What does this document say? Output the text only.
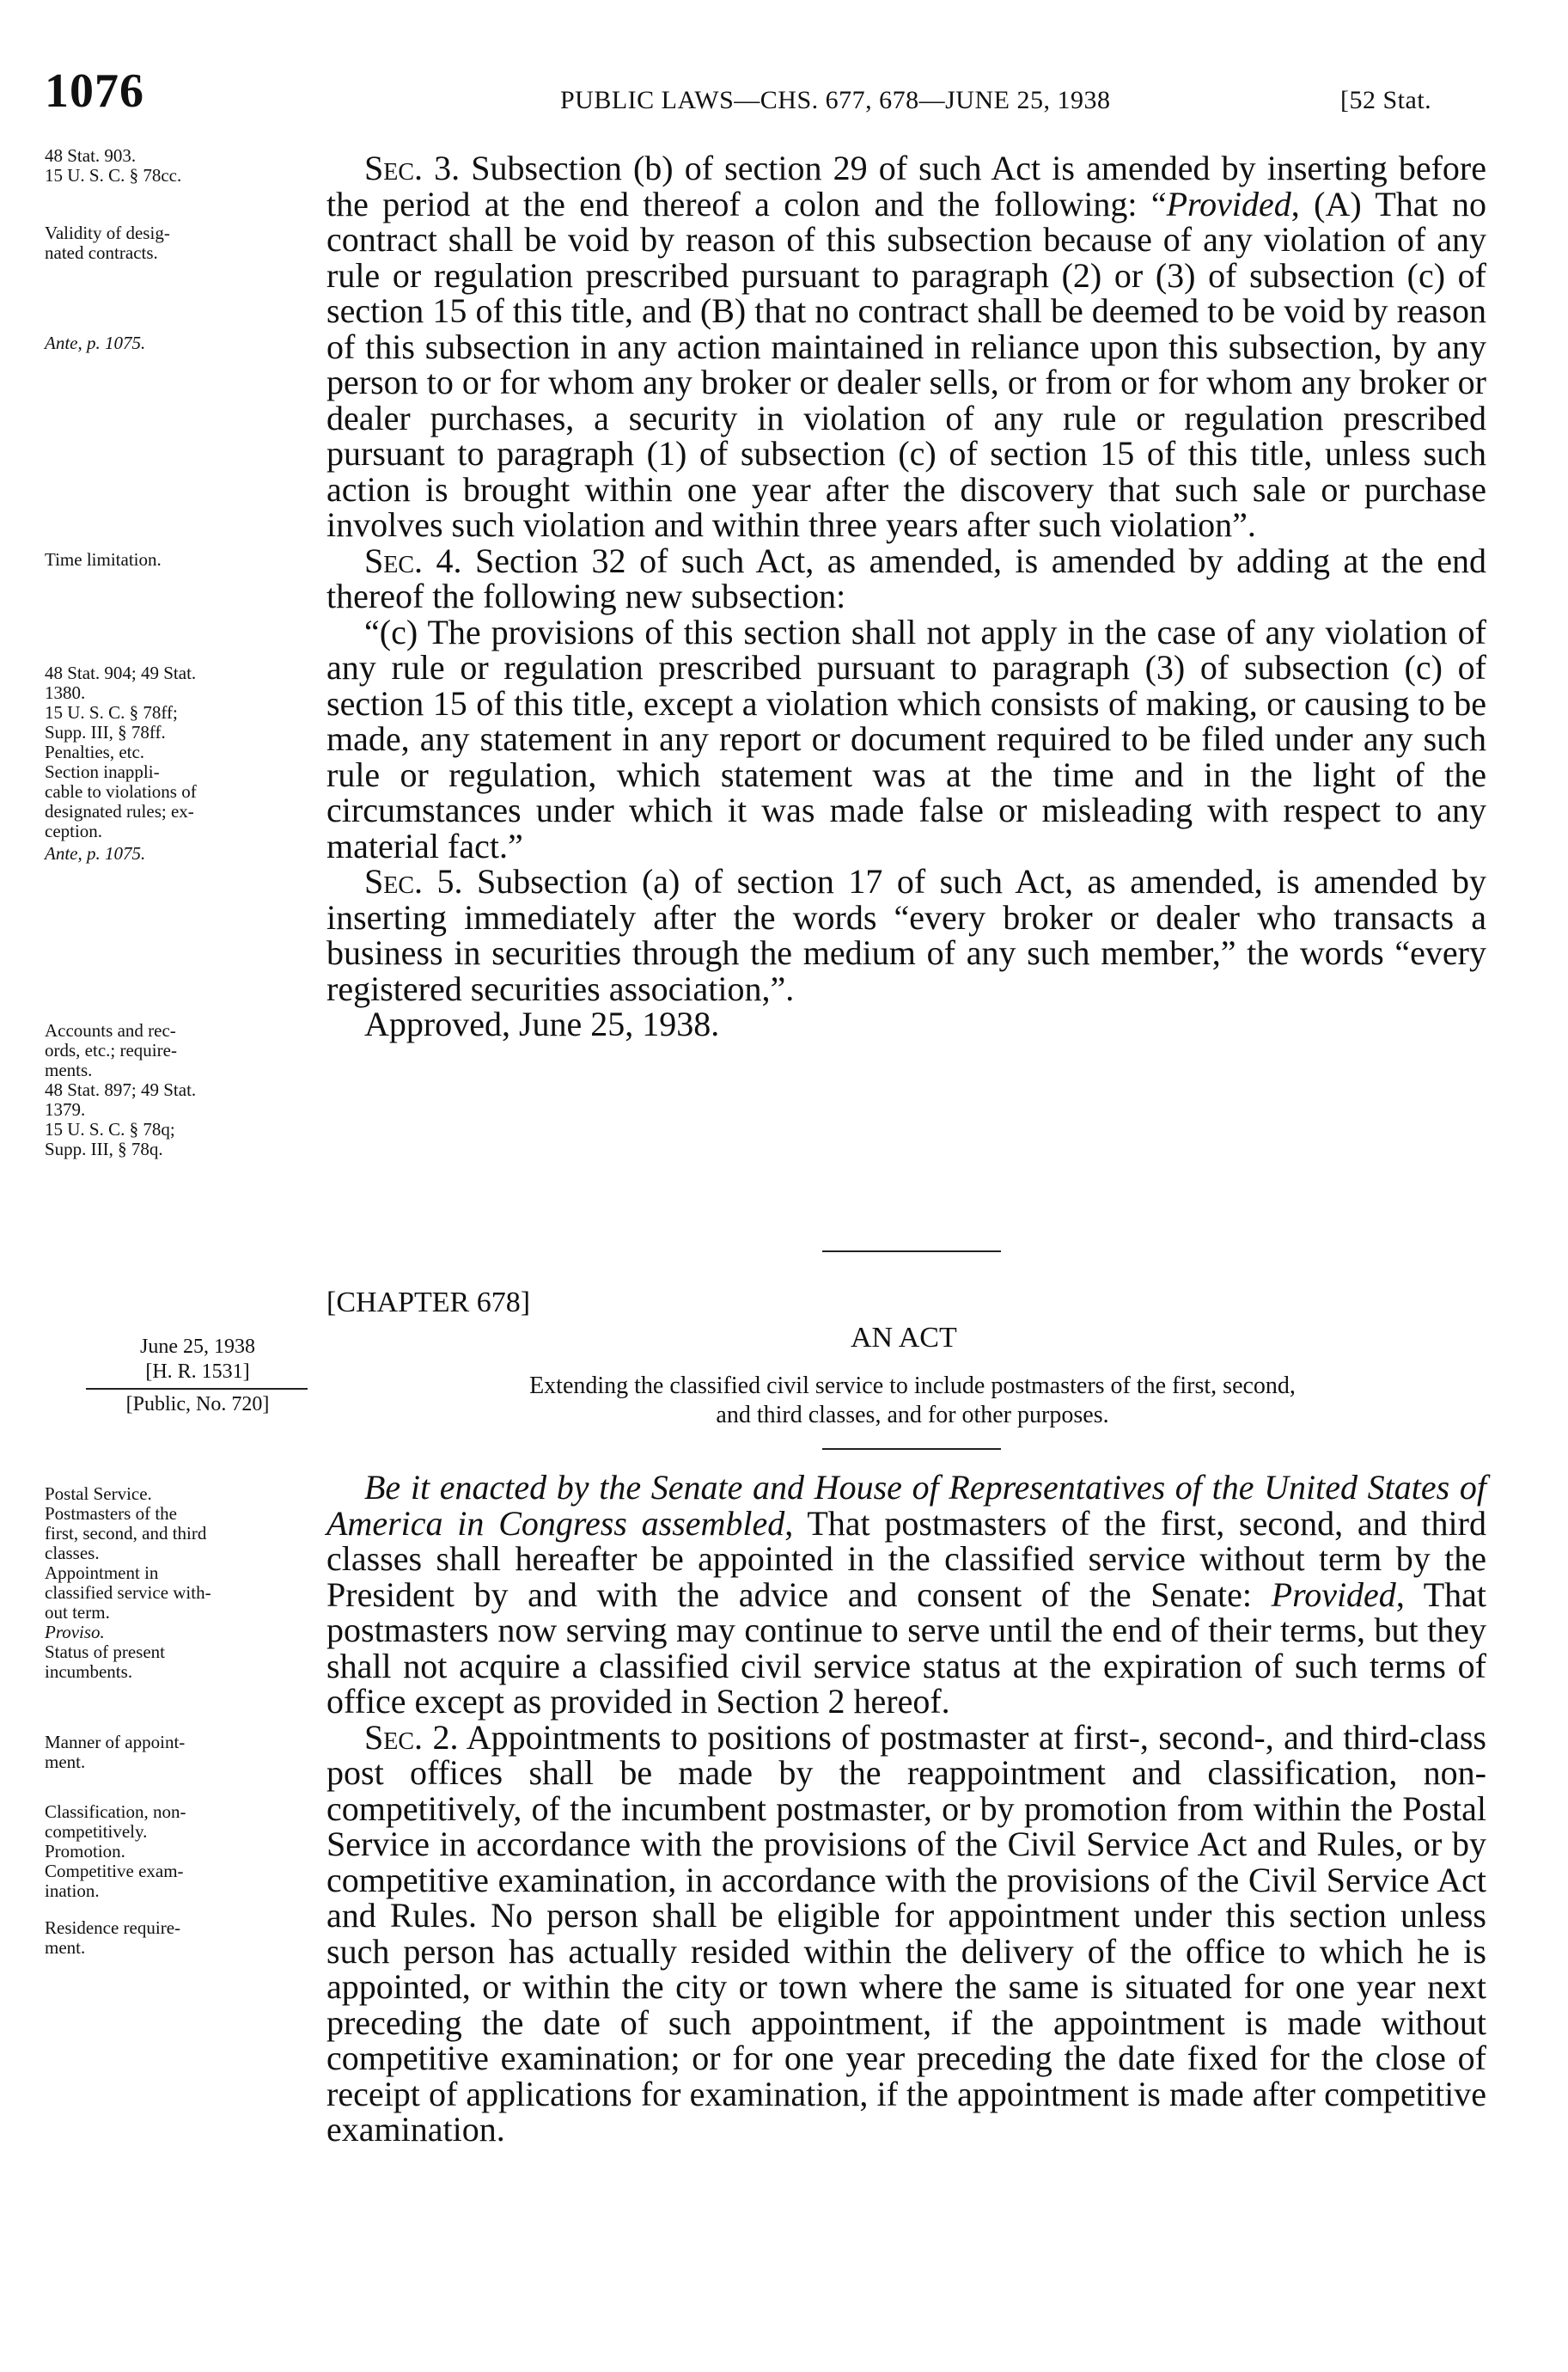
1076	PUBLIC LAWS—CHS. 677, 678—JUNE 25, 1938	[52 Stat.
48 Stat. 903.
15 U. S. C. § 78cc.
Validity of desig-
nated contracts.
Ante, p. 1075.
Time limitation.
48 Stat. 904; 49 Stat.
1380.
15 U. S. C. § 78ff;
Supp. III, § 78ff.
Penalties, etc.
Section inappli-
cable to violations of
designated rules; ex-
ception.
Ante, p. 1075.
Accounts and rec-
ords, etc.; require-
ments.
48 Stat. 897; 49 Stat.
1379.
15 U. S. C. § 78q;
Supp. III, § 78q.
June 25, 1938
[H. R. 1531]
[Public, No. 720]
Postal Service.
Postmasters of the
first, second, and third
classes.
Appointment in
classified service with-
out term.
Proviso.
Status of present
incumbents.
Manner of appoint-
ment.
Classification, non-
competitively.
Promotion.
Competitive exam-
ination.
Residence require-
ment.

Sec. 3. Subsection (b) of section 29 of such Act is amended by inserting before the period at the end thereof a colon and the following: “Provided, (A) That no contract shall be void by reason of this subsection because of any violation of any rule or regulation prescribed pursuant to paragraph (2) or (3) of subsection (c) of section 15 of this title, and (B) that no contract shall be deemed to be void by reason of this subsection in any action maintained in reliance upon this subsection, by any person to or for whom any broker or dealer sells, or from or for whom any broker or dealer purchases, a security in violation of any rule or regulation prescribed pursuant to paragraph (1) of subsection (c) of section 15 of this title, unless such action is brought within one year after the discovery that such sale or purchase involves such violation and within three years after such violation”.

Sec. 4. Section 32 of such Act, as amended, is amended by adding at the end thereof the following new subsection:

“(c) The provisions of this section shall not apply in the case of any violation of any rule or regulation prescribed pursuant to paragraph (3) of subsection (c) of section 15 of this title, except a violation which consists of making, or causing to be made, any statement in any report or document required to be filed under any such rule or regulation, which statement was at the time and in the light of the circumstances under which it was made false or misleading with respect to any material fact.”

Sec. 5. Subsection (a) of section 17 of such Act, as amended, is amended by inserting immediately after the words “every broker or dealer who transacts a business in securities through the medium of any such member,” the words “every registered securities association,”.

Approved, June 25, 1938.

[CHAPTER 678]
AN ACT
Extending the classified civil service to include postmasters of the first, second,
and third classes, and for other purposes.

Be it enacted by the Senate and House of Representatives of the United States of America in Congress assembled, That postmasters of the first, second, and third classes shall hereafter be appointed in the classified service without term by the President by and with the advice and consent of the Senate: Provided, That postmasters now serving may continue to serve until the end of their terms, but they shall not acquire a classified civil service status at the expiration of such terms of office except as provided in Section 2 hereof.

Sec. 2. Appointments to positions of postmaster at first-, second-, and third-class post offices shall be made by the reappointment and classification, non-competitively, of the incumbent postmaster, or by promotion from within the Postal Service in accordance with the provisions of the Civil Service Act and Rules, or by competitive examination, in accordance with the provisions of the Civil Service Act and Rules. No person shall be eligible for appointment under this section unless such person has actually resided within the delivery of the office to which he is appointed, or within the city or town where the same is situated for one year next preceding the date of such appointment, if the appointment is made without competitive examination; or for one year preceding the date fixed for the close of receipt of applications for examination, if the appointment is made after competitive examination.
